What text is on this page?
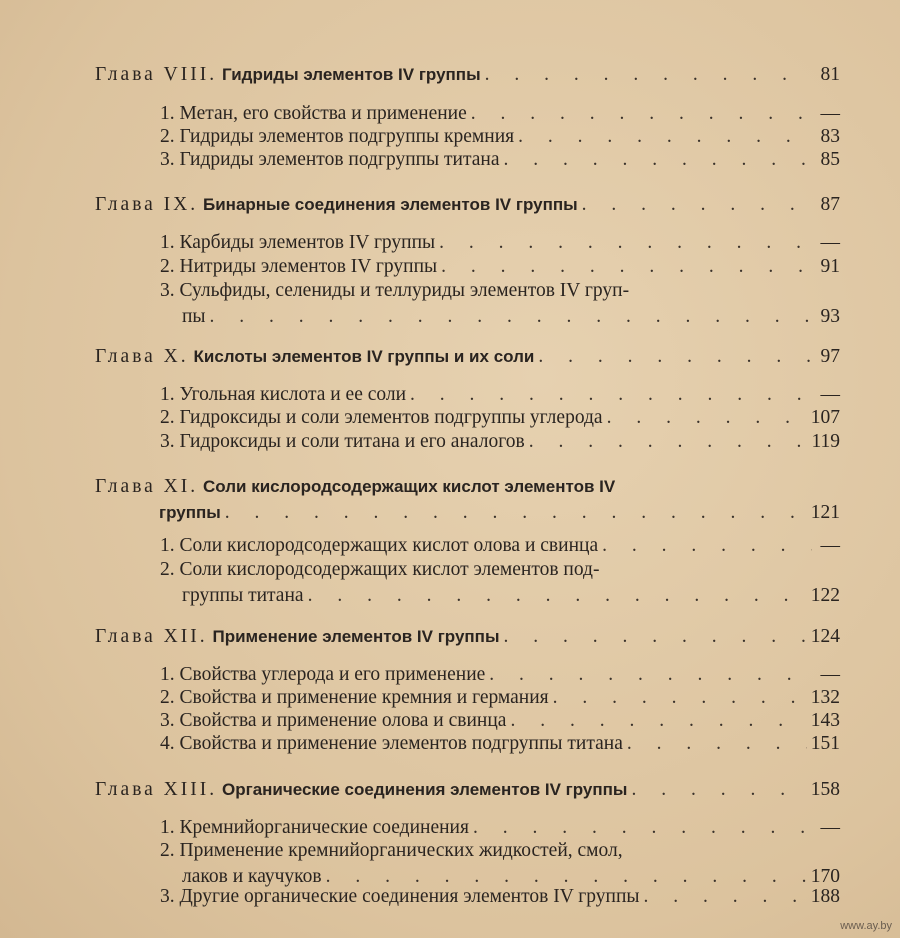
Глава VIII. Гидриды элементов IV группы . . .	81
1. Метан, его свойства и применение . . .	—
2. Гидриды элементов подгруппы кремния . . .	83
3. Гидриды элементов подгруппы титана . . .	85
Глава IX. Бинарные соединения элементов IV группы . . .	87
1. Карбиды элементов IV группы . . .	—
2. Нитриды элементов IV группы . . .	91
3. Сульфиды, селениды и теллуриды элементов IV груп-
пы . . .	93
Глава X. Кислоты элементов IV группы и их соли . . .	97
1. Угольная кислота и ее соли . . .	—
2. Гидроксиды и соли элементов подгруппы углерода . . .	107
3. Гидроксиды и соли титана и его аналогов . . .	119
Глава XI. Соли кислородсодержащих кислот элементов IV
группы . . .	121
1. Соли кислородсодержащих кислот олова и свинца . . .	—
2. Соли кислородсодержащих кислот элементов под-
группы титана . . .	122
Глава XII. Применение элементов IV группы . . .	124
1. Свойства углерода и его применение . . .	—
2. Свойства и применение кремния и германия . . .	132
3. Свойства и применение олова и свинца . . .	143
4. Свойства и применение элементов подгруппы титана . . .	151
Глава XIII. Органические соединения элементов IV группы . . .	158
1. Кремнийорганические соединения . . .	—
2. Применение кремнийорганических жидкостей, смол,
лаков и каучуков . . .	170
3. Другие органические соединения элементов IV группы . . .	188
www.ay.by
